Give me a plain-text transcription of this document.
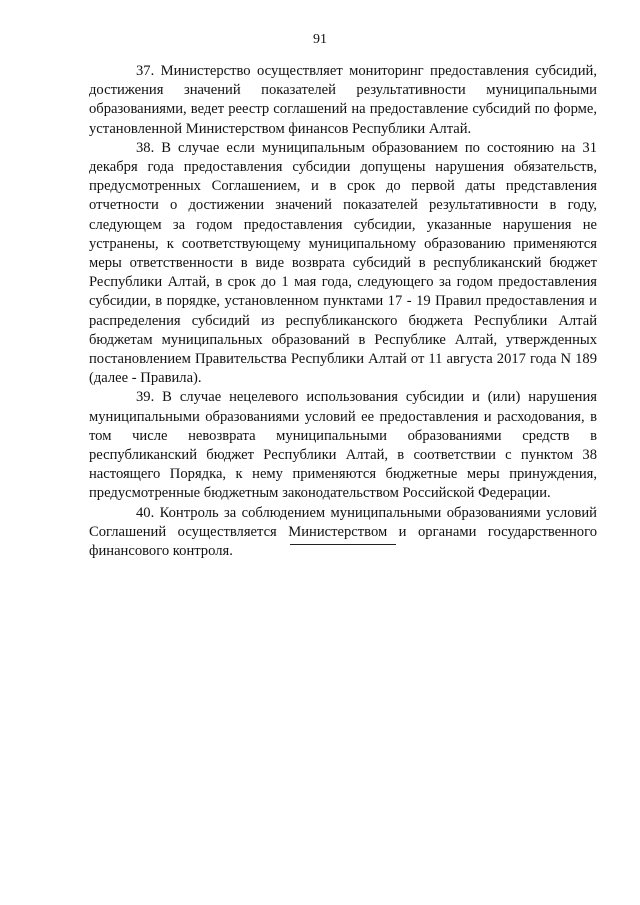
91

37. Министерство осуществляет мониторинг предоставления субсидий, достижения значений показателей результативности муниципальными образованиями, ведет реестр соглашений на предоставление субсидий по форме, установленной Министерством финансов Республики Алтай.

38. В случае если муниципальным образованием по состоянию на 31 декабря года предоставления субсидии допущены нарушения обязательств, предусмотренных Соглашением, и в срок до первой даты представления отчетности о достижении значений показателей результативности в году, следующем за годом предоставления субсидии, указанные нарушения не устранены, к соответствующему муниципальному образованию применяются меры ответственности в виде возврата субсидий в республиканский бюджет Республики Алтай, в срок до 1 мая года, следующего за годом предоставления субсидии, в порядке, установленном пунктами 17 - 19 Правил предоставления и распределения субсидий из республиканского бюджета Республики Алтай бюджетам муниципальных образований в Республике Алтай, утвержденных постановлением Правительства Республики Алтай от 11 августа 2017 года N 189 (далее - Правила).

39. В случае нецелевого использования субсидии и (или) нарушения муниципальными образованиями условий ее предоставления и расходования, в том числе невозврата муниципальными образованиями средств в республиканский бюджет Республики Алтай, в соответствии с пунктом 38 настоящего Порядка, к нему применяются бюджетные меры принуждения, предусмотренные бюджетным законодательством Российской Федерации.

40. Контроль за соблюдением муниципальными образованиями условий Соглашений осуществляется Министерством и органами государственного финансового контроля.
